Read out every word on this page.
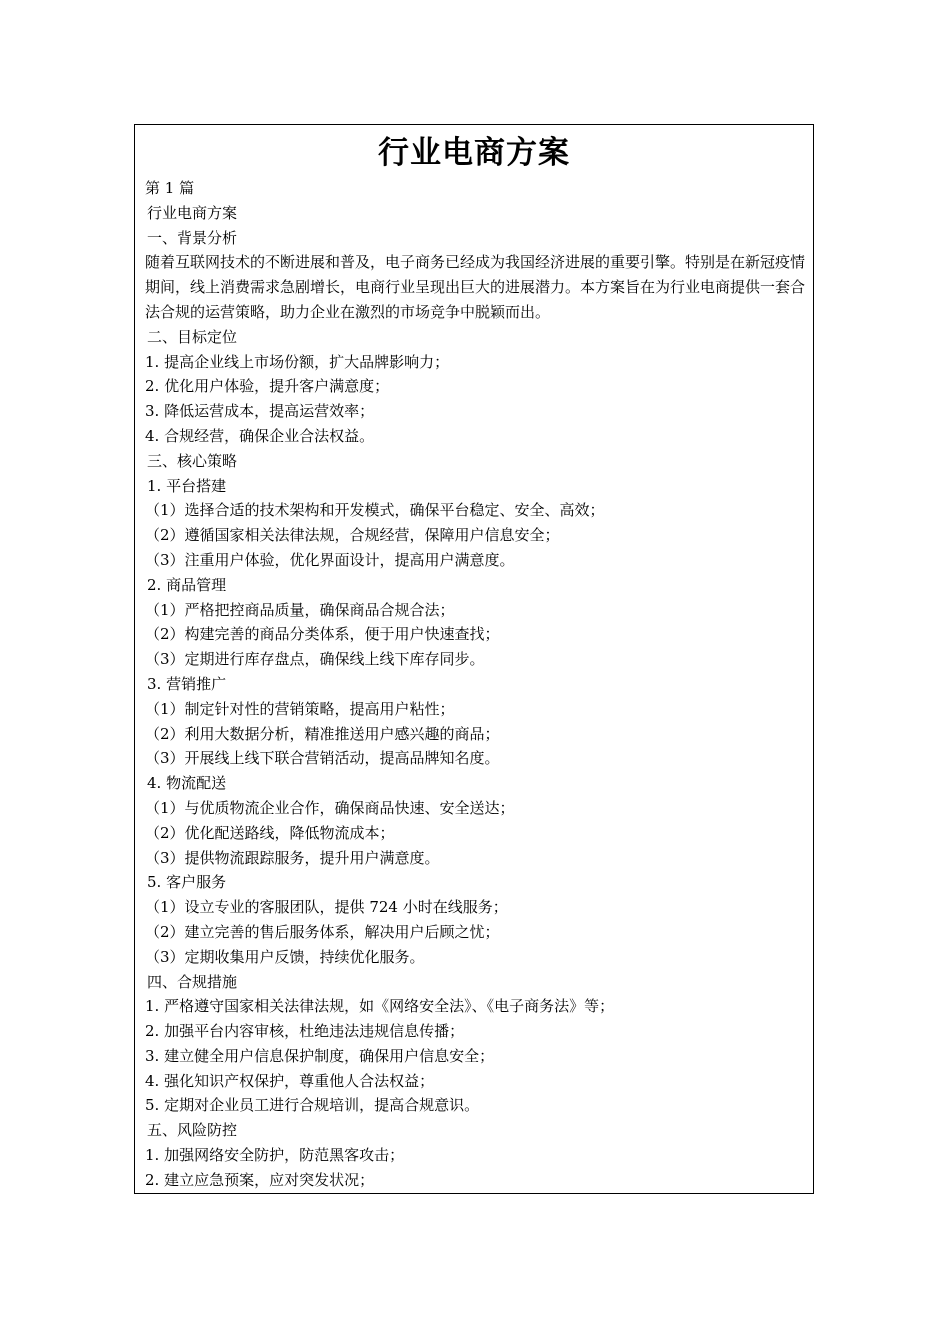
行业电商方案
第 1 篇
行业电商方案
一、背景分析
随着互联网技术的不断进展和普及，电子商务已经成为我国经济进展的重要引擎。特别是在新冠疫情期间，线上消费需求急剧增长，电商行业呈现出巨大的进展潜力。本方案旨在为行业电商提供一套合法合规的运营策略，助力企业在激烈的市场竞争中脱颖而出。
二、目标定位
1. 提高企业线上市场份额，扩大品牌影响力；
2. 优化用户体验，提升客户满意度；
3. 降低运营成本，提高运营效率；
4. 合规经营，确保企业合法权益。
三、核心策略
1. 平台搭建
（1）选择合适的技术架构和开发模式，确保平台稳定、安全、高效；
（2）遵循国家相关法律法规，合规经营，保障用户信息安全；
（3）注重用户体验，优化界面设计，提高用户满意度。
2. 商品管理
（1）严格把控商品质量，确保商品合规合法；
（2）构建完善的商品分类体系，便于用户快速查找；
（3）定期进行库存盘点，确保线上线下库存同步。
3. 营销推广
（1）制定针对性的营销策略，提高用户粘性；
（2）利用大数据分析，精准推送用户感兴趣的商品；
（3）开展线上线下联合营销活动，提高品牌知名度。
4. 物流配送
（1）与优质物流企业合作，确保商品快速、安全送达；
（2）优化配送路线，降低物流成本；
（3）提供物流跟踪服务，提升用户满意度。
5. 客户服务
（1）设立专业的客服团队，提供 724 小时在线服务；
（2）建立完善的售后服务体系，解决用户后顾之忧；
（3）定期收集用户反馈，持续优化服务。
四、合规措施
1. 严格遵守国家相关法律法规，如《网络安全法》、《电子商务法》等；
2. 加强平台内容审核，杜绝违法违规信息传播；
3. 建立健全用户信息保护制度，确保用户信息安全；
4. 强化知识产权保护，尊重他人合法权益；
5. 定期对企业员工进行合规培训，提高合规意识。
五、风险防控
1. 加强网络安全防护，防范黑客攻击；
2. 建立应急预案，应对突发状况；
